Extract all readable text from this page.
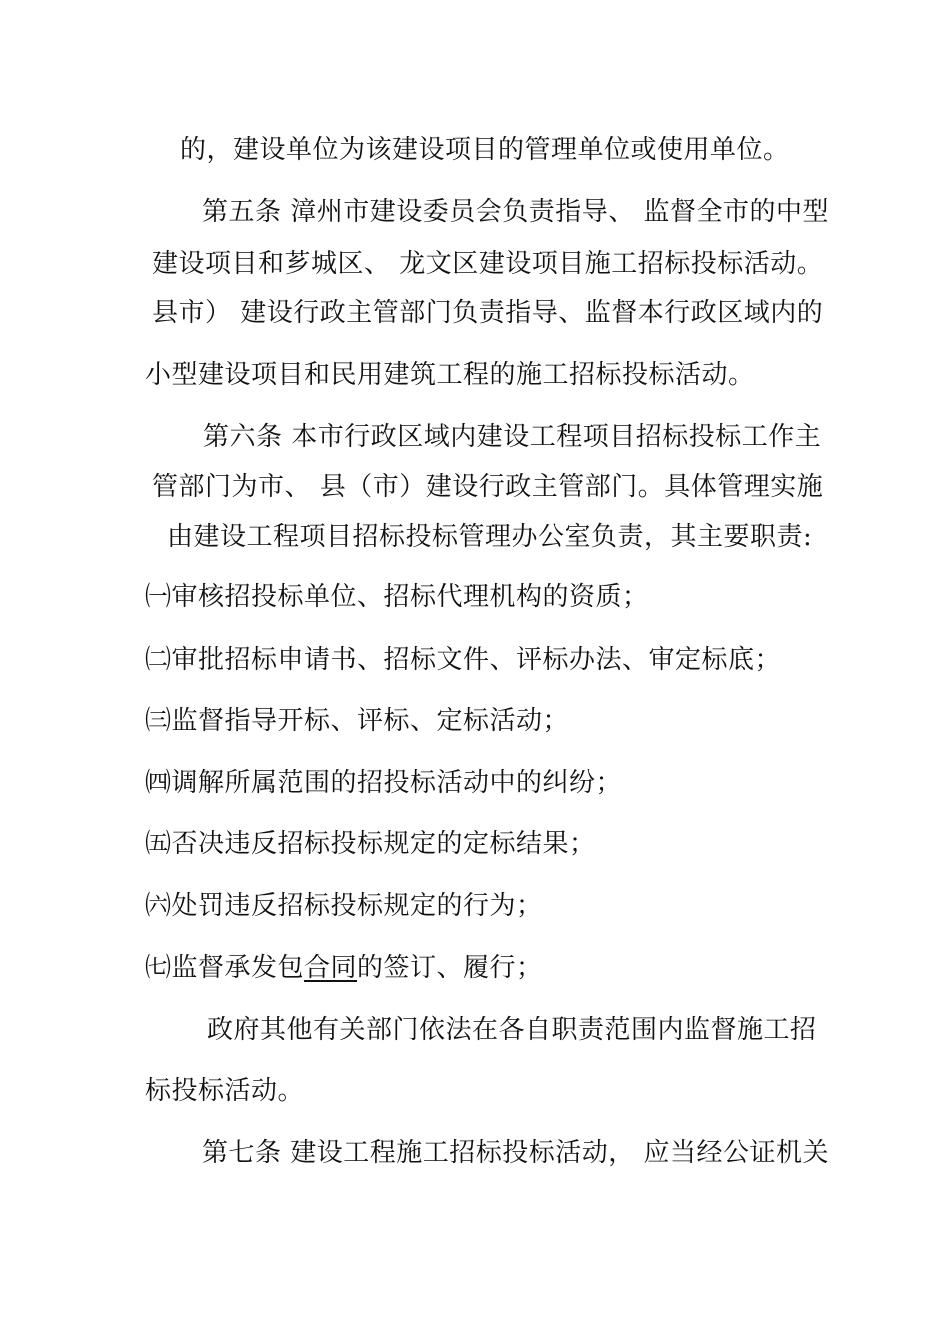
的，建设单位为该建设项目的管理单位或使用单位。
第五条 漳州市建设委员会负责指导、 监督全市的中型
建设项目和芗城区、 龙文区建设项目施工招标投标活动。
县市） 建设行政主管部门负责指导、监督本行政区域内的
小型建设项目和民用建筑工程的施工招标投标活动。
第六条 本市行政区域内建设工程项目招标投标工作主
管部门为市、 县（市）建设行政主管部门。具体管理实施
由建设工程项目招标投标管理办公室负责，其主要职责:
㈠审核招投标单位、招标代理机构的资质；
㈡审批招标申请书、招标文件、评标办法、审定标底；
㈢监督指导开标、评标、定标活动；
㈣调解所属范围的招投标活动中的纠纷；
㈤否决违反招标投标规定的定标结果；
㈥处罚违反招标投标规定的行为；
㈦监督承发包合同的签订、履行；
政府其他有关部门依法在各自职责范围内监督施工招
标投标活动。
第七条 建设工程施工招标投标活动， 应当经公证机关
